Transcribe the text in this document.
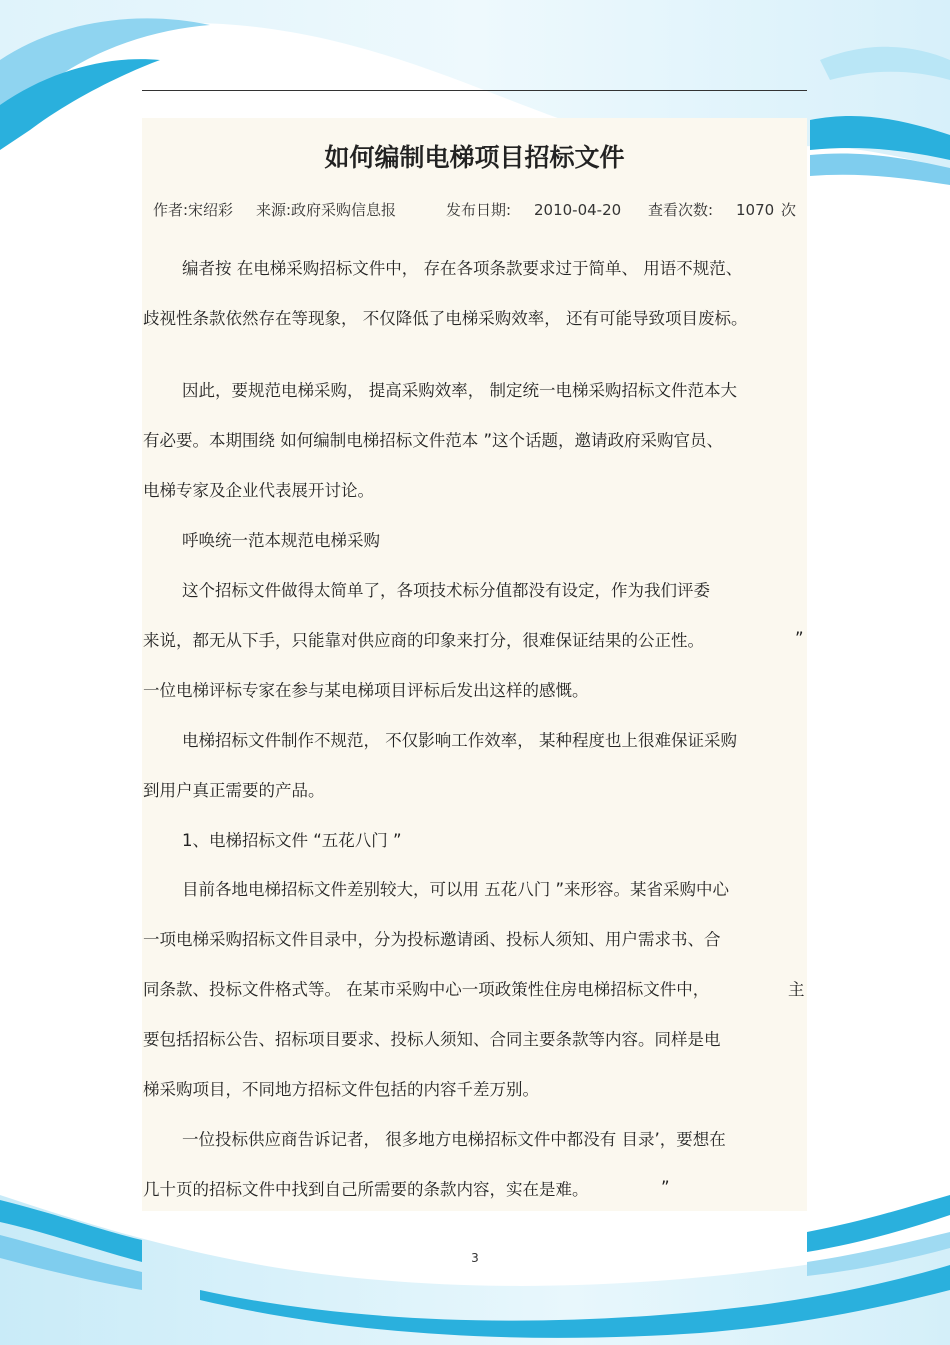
如何编制电梯项目招标文件
作者:宋绍彩 来源:政府采购信息报	发布日期: 2010-04-20 查看次数: 1070 次
编者按 在电梯采购招标文件中， 存在各项条款要求过于简单、 用语不规范、
歧视性条款依然存在等现象， 不仅降低了电梯采购效率， 还有可能导致项目废标。
因此，要规范电梯采购， 提高采购效率， 制定统一电梯采购招标文件范本大
有必要。本期围绕 如何编制电梯招标文件范本 ”这个话题，邀请政府采购官员、
电梯专家及企业代表展开讨论。
呼唤统一范本规范电梯采购
这个招标文件做得太简单了，各项技术标分值都没有设定，作为我们评委
来说，都无从下手，只能靠对供应商的印象来打分，很难保证结果的公正性。	”
一位电梯评标专家在参与某电梯项目评标后发出这样的感慨。
电梯招标文件制作不规范， 不仅影响工作效率， 某种程度也上很难保证采购
到用户真正需要的产品。
1、电梯招标文件 “五花八门 ”
目前各地电梯招标文件差别较大，可以用 五花八门 ”来形容。某省采购中心
一项电梯采购招标文件目录中，分为投标邀请函、投标人须知、用户需求书、合
同条款、投标文件格式等。 在某市采购中心一项政策性住房电梯招标文件中，	主
要包括招标公告、招标项目要求、投标人须知、合同主要条款等内容。同样是电
梯采购项目，不同地方招标文件包括的内容千差万别。
一位投标供应商告诉记者， 很多地方电梯招标文件中都没有 目录’，要想在
几十页的招标文件中找到自己所需要的条款内容，实在是难。	”
3
